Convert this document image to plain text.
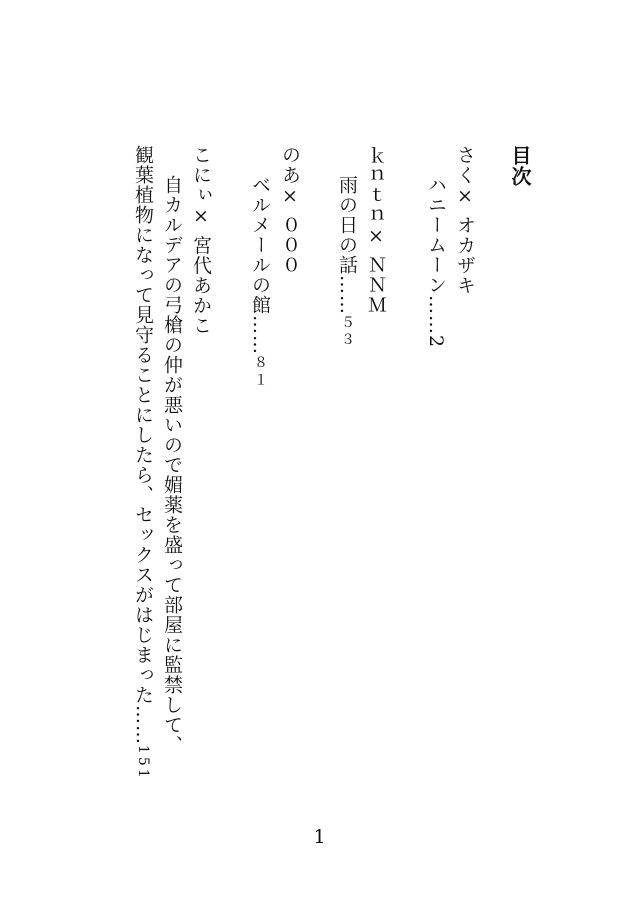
目次
さく× オカザキ
ハニームーン……2
ｋｎｔｎ× ＮＮＭ
雨の日の話……５３
のあ× ０００
ベルメールの館……８１
こにぃ× 宮代あかこ
自カルデアの弓槍の仲が悪いので媚薬を盛って部屋に監禁して、
観葉植物になって見守ることにしたら、セックスがはじまった……151
1
